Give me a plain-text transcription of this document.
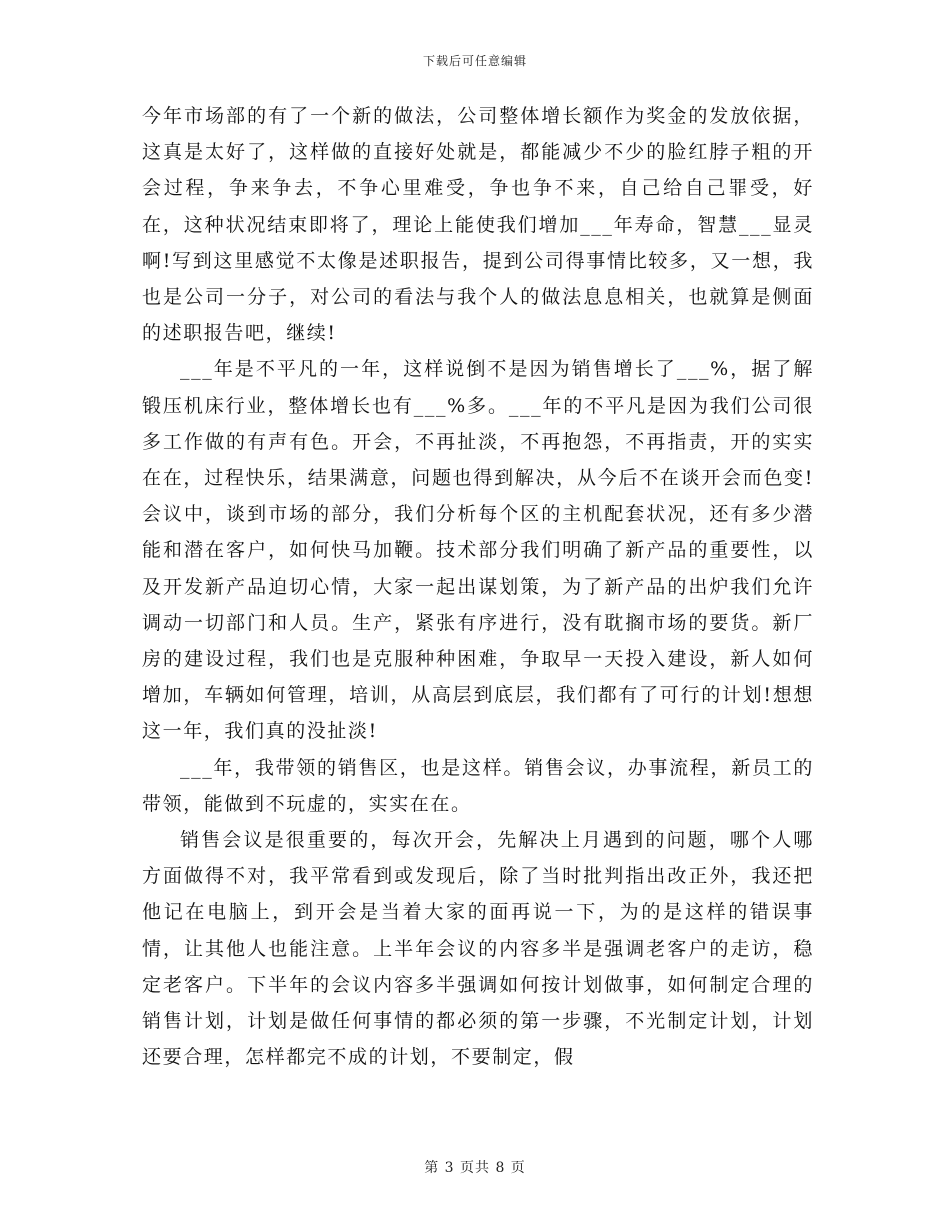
下载后可任意编辑

今年市场部的有了一个新的做法，公司整体增长额作为奖金的发放依据，这真是太好了，这样做的直接好处就是，都能减少不少的脸红脖子粗的开会过程，争来争去，不争心里难受，争也争不来，自己给自己罪受，好在，这种状况结束即将了，理论上能使我们增加___年寿命，智慧___显灵啊!写到这里感觉不太像是述职报告，提到公司得事情比较多，又一想，我也是公司一分子，对公司的看法与我个人的做法息息相关，也就算是侧面的述职报告吧，继续!

___年是不平凡的一年，这样说倒不是因为销售增长了___%，据了解锻压机床行业，整体增长也有___%多。___年的不平凡是因为我们公司很多工作做的有声有色。开会，不再扯淡，不再抱怨，不再指责，开的实实在在，过程快乐，结果满意，问题也得到解决，从今后不在谈开会而色变!会议中，谈到市场的部分，我们分析每个区的主机配套状况，还有多少潜能和潜在客户，如何快马加鞭。技术部分我们明确了新产品的重要性，以及开发新产品迫切心情，大家一起出谋划策，为了新产品的出炉我们允许调动一切部门和人员。生产，紧张有序进行，没有耽搁市场的要货。新厂房的建设过程，我们也是克服种种困难，争取早一天投入建设，新人如何增加，车辆如何管理，培训，从高层到底层，我们都有了可行的计划!想想这一年，我们真的没扯淡!

___年，我带领的销售区，也是这样。销售会议，办事流程，新员工的带领，能做到不玩虚的，实实在在。

销售会议是很重要的，每次开会，先解决上月遇到的问题，哪个人哪方面做得不对，我平常看到或发现后，除了当时批判指出改正外，我还把他记在电脑上，到开会是当着大家的面再说一下，为的是这样的错误事情，让其他人也能注意。上半年会议的内容多半是强调老客户的走访，稳定老客户。下半年的会议内容多半强调如何按计划做事，如何制定合理的销售计划，计划是做任何事情的都必须的第一步骤，不光制定计划，计划还要合理，怎样都完不成的计划，不要制定，假

第 3 页共 8 页
